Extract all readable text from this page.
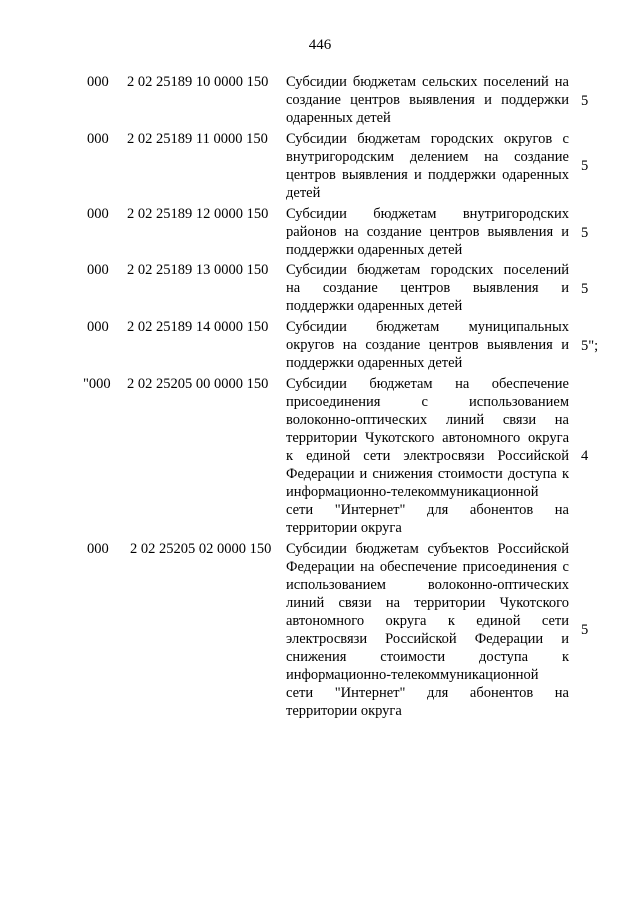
446
000 2 02 25189 10 0000 150 Субсидии бюджетам сельских поселений на
создание центров выявления и поддержки
одаренных детей
5
000 2 02 25189 11 0000 150 Субсидии бюджетам городских округов с
внутригородским делением на создание
центров выявления и поддержки одаренных
детей
5
000 2 02 25189 12 0000 150 Субсидии бюджетам внутригородских
районов на создание центров выявления и
поддержки одаренных детей
5
000 2 02 25189 13 0000 150 Субсидии бюджетам городских поселений
на создание центров выявления и
поддержки одаренных детей
5
000 2 02 25189 14 0000 150 Субсидии бюджетам муниципальных
округов на создание центров выявления и
поддержки одаренных детей
5";
"000 2 02 25205 00 0000 150 Субсидии бюджетам на обеспечение
присоединения с использованием
волоконно-оптических линий связи на
территории Чукотского автономного округа
к единой сети электросвязи Российской
Федерации и снижения стоимости доступа к
информационно-телекоммуникационной
сети "Интернет" для абонентов на
территории округа
4
000 2 02 25205 02 0000 150 Субсидии бюджетам субъектов Российской
Федерации на обеспечение присоединения с
использованием волоконно-оптических
линий связи на территории Чукотского
автономного округа к единой сети
электросвязи Российской Федерации и
снижения стоимости доступа к
информационно-телекоммуникационной
сети "Интернет" для абонентов на
территории округа
5
